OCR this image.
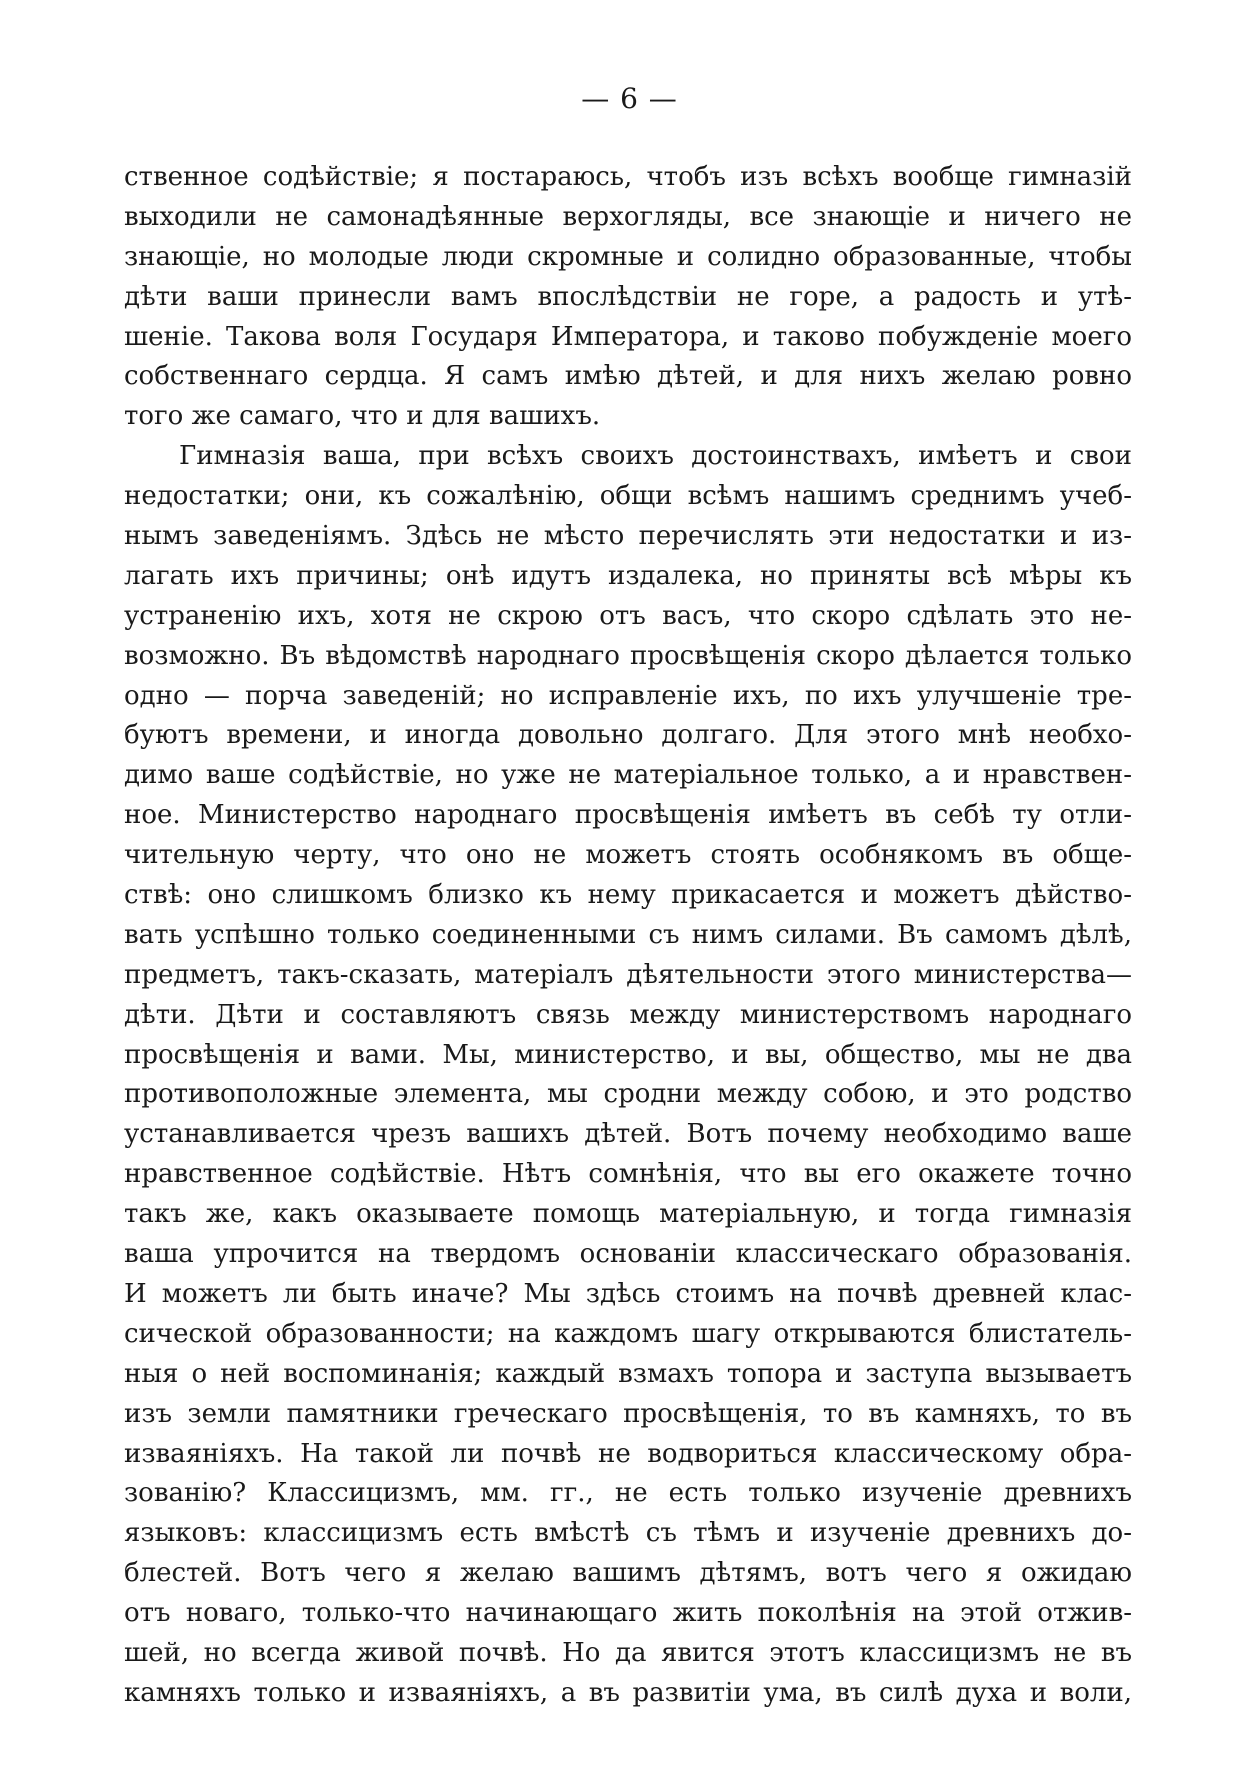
— 6 —
ственное содѣйствіе; я постараюсь, чтобъ изъ всѣхъ вообще гимназій
выходили не самонадѣянные верхогляды, все знающіе и ничего не
знающіе, но молодые люди скромные и солидно образованные, чтобы
дѣти ваши принесли вамъ впослѣдствіи не горе, а радость и утѣ-
шеніе. Такова воля Государя Императора, и таково побужденіе моего
собственнаго сердца. Я самъ имѣю дѣтей, и для нихъ желаю ровно
того же самаго, что и для вашихъ.
Гимназія ваша, при всѣхъ своихъ достоинствахъ, имѣетъ и свои
недостатки; они, къ сожалѣнію, общи всѣмъ нашимъ среднимъ учеб-
нымъ заведеніямъ. Здѣсь не мѣсто перечислять эти недостатки и из-
лагать ихъ причины; онѣ идутъ издалека, но приняты всѣ мѣры къ
устраненію ихъ, хотя не скрою отъ васъ, что скоро сдѣлать это не-
возможно. Въ вѣдомствѣ народнаго просвѣщенія скоро дѣлается только
одно — порча заведеній; но исправленіе ихъ, по ихъ улучшеніе тре-
буютъ времени, и иногда довольно долгаго. Для этого мнѣ необхо-
димо ваше содѣйствіе, но уже не матеріальное только, а и нравствен-
ное. Министерство народнаго просвѣщенія имѣетъ въ себѣ ту отли-
чительную черту, что оно не можетъ стоять особнякомъ въ обще-
ствѣ: оно слишкомъ близко къ нему прикасается и можетъ дѣйство-
вать успѣшно только соединенными съ нимъ силами. Въ самомъ дѣлѣ,
предметъ, такъ-сказать, матеріалъ дѣятельности этого министерства—
дѣти. Дѣти и составляютъ связь между министерствомъ народнаго
просвѣщенія и вами. Мы, министерство, и вы, общество, мы не два
противоположные элемента, мы сродни между собою, и это родство
устанавливается чрезъ вашихъ дѣтей. Вотъ почему необходимо ваше
нравственное содѣйствіе. Нѣтъ сомнѣнія, что вы его окажете точно
такъ же, какъ оказываете помощь матеріальную, и тогда гимназія
ваша упрочится на твердомъ основаніи классическаго образованія.
И можетъ ли быть иначе? Мы здѣсь стоимъ на почвѣ древней клас-
сической образованности; на каждомъ шагу открываются блистатель-
ныя о ней воспоминанія; каждый взмахъ топора и заступа вызываетъ
изъ земли памятники греческаго просвѣщенія, то въ камняхъ, то въ
изваяніяхъ. На такой ли почвѣ не водвориться классическому обра-
зованію? Классицизмъ, мм. гг., не есть только изученіе древнихъ
языковъ: классицизмъ есть вмѣстѣ съ тѣмъ и изученіе древнихъ до-
блестей. Вотъ чего я желаю вашимъ дѣтямъ, вотъ чего я ожидаю
отъ новаго, только-что начинающаго жить поколѣнія на этой отжив-
шей, но всегда живой почвѣ. Но да явится этотъ классицизмъ не въ
камняхъ только и изваяніяхъ, а въ развитіи ума, въ силѣ духа и воли,
